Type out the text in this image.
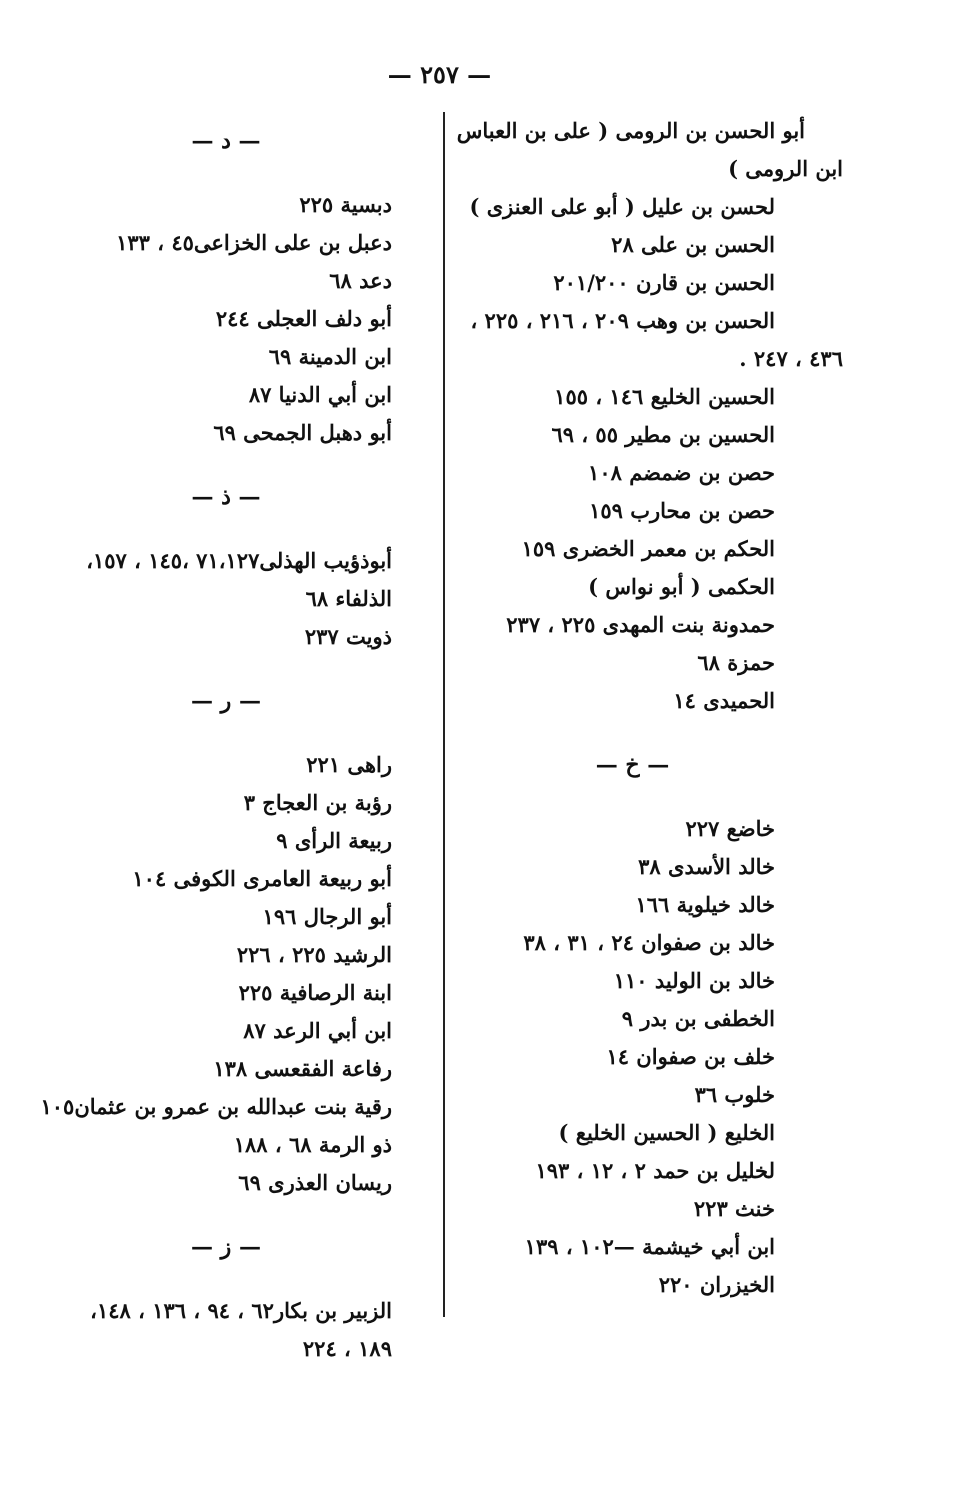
— ٢٥٧ —
أبو الحسن بن الرومى ( على بن العباس
ابن الرومى )
لحسن بن عليل ( أبو على العنزى )
الحسن بن على ٢٨
الحسن بن قارن ٢٠١/٢٠٠
الحسن بن وهب ٢٠٩ ، ٢١٦ ، ٢٢٥ ،
٤٣٦ ، ٢٤٧ .
الحسين الخليع ١٤٦ ، ١٥٥
الحسين بن مطير ٥٥ ، ٦٩
حصن بن ضمضم ١٠٨
حصن بن محارب ١٥٩
الحكم بن معمر الخضرى ١٥٩
الحكمى ( أبو نواس )
حمدونة بنت المهدى ٢٢٥ ، ٢٣٧
حمزة ٦٨
الحميدى ١٤
— خ —
خاضع ٢٢٧
خالد الأسدى ٣٨
خالد خيلوية ١٦٦
خالد بن صفوان ٢٤ ، ٣١ ، ٣٨
خالد بن الوليد ١١٠
الخطفى بن بدر ٩
خلف بن صفوان ١٤
خلوب ٣٦
الخليع ( الحسين الخليع )
لخليل بن حمد ٢ ، ١٢ ، ١٩٣
خنث ٢٢٣
ابن أبي خيشمة —١٠٢ ، ١٣٩
الخيزران ٢٢٠
— د —
دبسية ٢٢٥
دعبل بن على الخزاعى٤٥ ، ١٣٣
دعد ٦٨
أبو دلف العجلى ٢٤٤
ابن الدمينة ٦٩
ابن أبي الدنيا ٨٧
أبو دهبل الجمحى ٦٩
— ذ —
أبوذؤيب الهذلى٧١،١٢٧ ،١٤٥ ، ١٥٧،
الذلفاء ٦٨
ذويت ٢٣٧
— ر —
راهى ٢٢١
رؤبة بن العجاج ٣
ربيعة الرأى ٩
أبو ربيعة العامرى الكوفى ١٠٤
أبو الرجال ١٩٦
الرشيد ٢٢٥ ، ٢٢٦
ابنة الرصافية ٢٢٥
ابن أبي الرعد ٨٧
رفاعة الفقعسى ١٣٨
رقية بنت عبدالله بن عمرو بن عثمان١٠٥
ذو الرمة ٦٨ ، ١٨٨
ريسان العذرى ٦٩
— ز —
الزبير بن بكار٦٢ ، ٩٤ ، ١٣٦ ، ١٤٨،
١٨٩ ، ٢٢٤
